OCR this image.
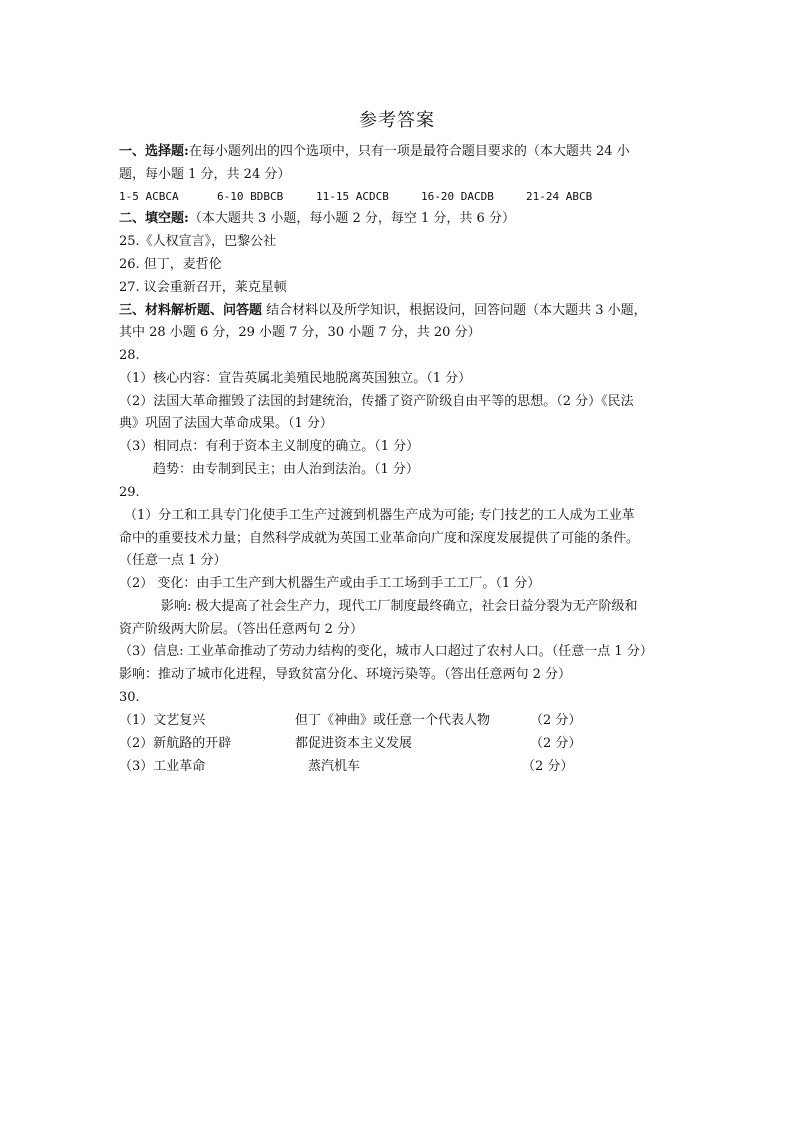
参考答案
一、选择题:在每小题列出的四个选项中，只有一项是最符合题目要求的（本大题共 24 小
题，每小题 1 分，共 24 分）
1-5 ACBCA	6-10 BDBCB	11-15 ACDCB	16-20 DACDB	21-24 ABCB
二、填空题:（本大题共 3 小题，每小题 2 分，每空 1 分，共 6 分）
25.《人权宣言》，巴黎公社
26. 但丁，麦哲伦
27. 议会重新召开，莱克星顿
三、材料解析题、问答题 结合材料以及所学知识，根据设问，回答问题（本大题共 3 小题，
其中 28 小题 6 分，29 小题 7 分，30 小题 7 分，共 20 分）
28.
（1）核心内容：宣告英属北美殖民地脱离英国独立。（1 分）
（2）法国大革命摧毁了法国的封建统治，传播了资产阶级自由平等的思想。（2 分）《民法
典》巩固了法国大革命成果。（1 分）
（3）相同点：有利于资本主义制度的确立。（1 分）
趋势：由专制到民主；由人治到法治。（1 分）
29.
（1）分工和工具专门化使手工生产过渡到机器生产成为可能; 专门技艺的工人成为工业革
命中的重要技术力量；自然科学成就为英国工业革命向广度和深度发展提供了可能的条件。
（任意一点 1 分）
（2） 变化：由手工生产到大机器生产或由手工工场到手工工厂。（1 分）
影响: 极大提高了社会生产力，现代工厂制度最终确立，社会日益分裂为无产阶级和
资产阶级两大阶层。（答出任意两句 2 分）
（3）信息: 工业革命推动了劳动力结构的变化，城市人口超过了农村人口。（任意一点 1 分）
影响：推动了城市化进程，导致贫富分化、环境污染等。（答出任意两句 2 分）
30.
（1）文艺复兴	但丁《神曲》或任意一个代表人物	（2 分）
（2）新航路的开辟	都促进资本主义发展	（2 分）
（3）工业革命	蒸汽机车	（2 分）
